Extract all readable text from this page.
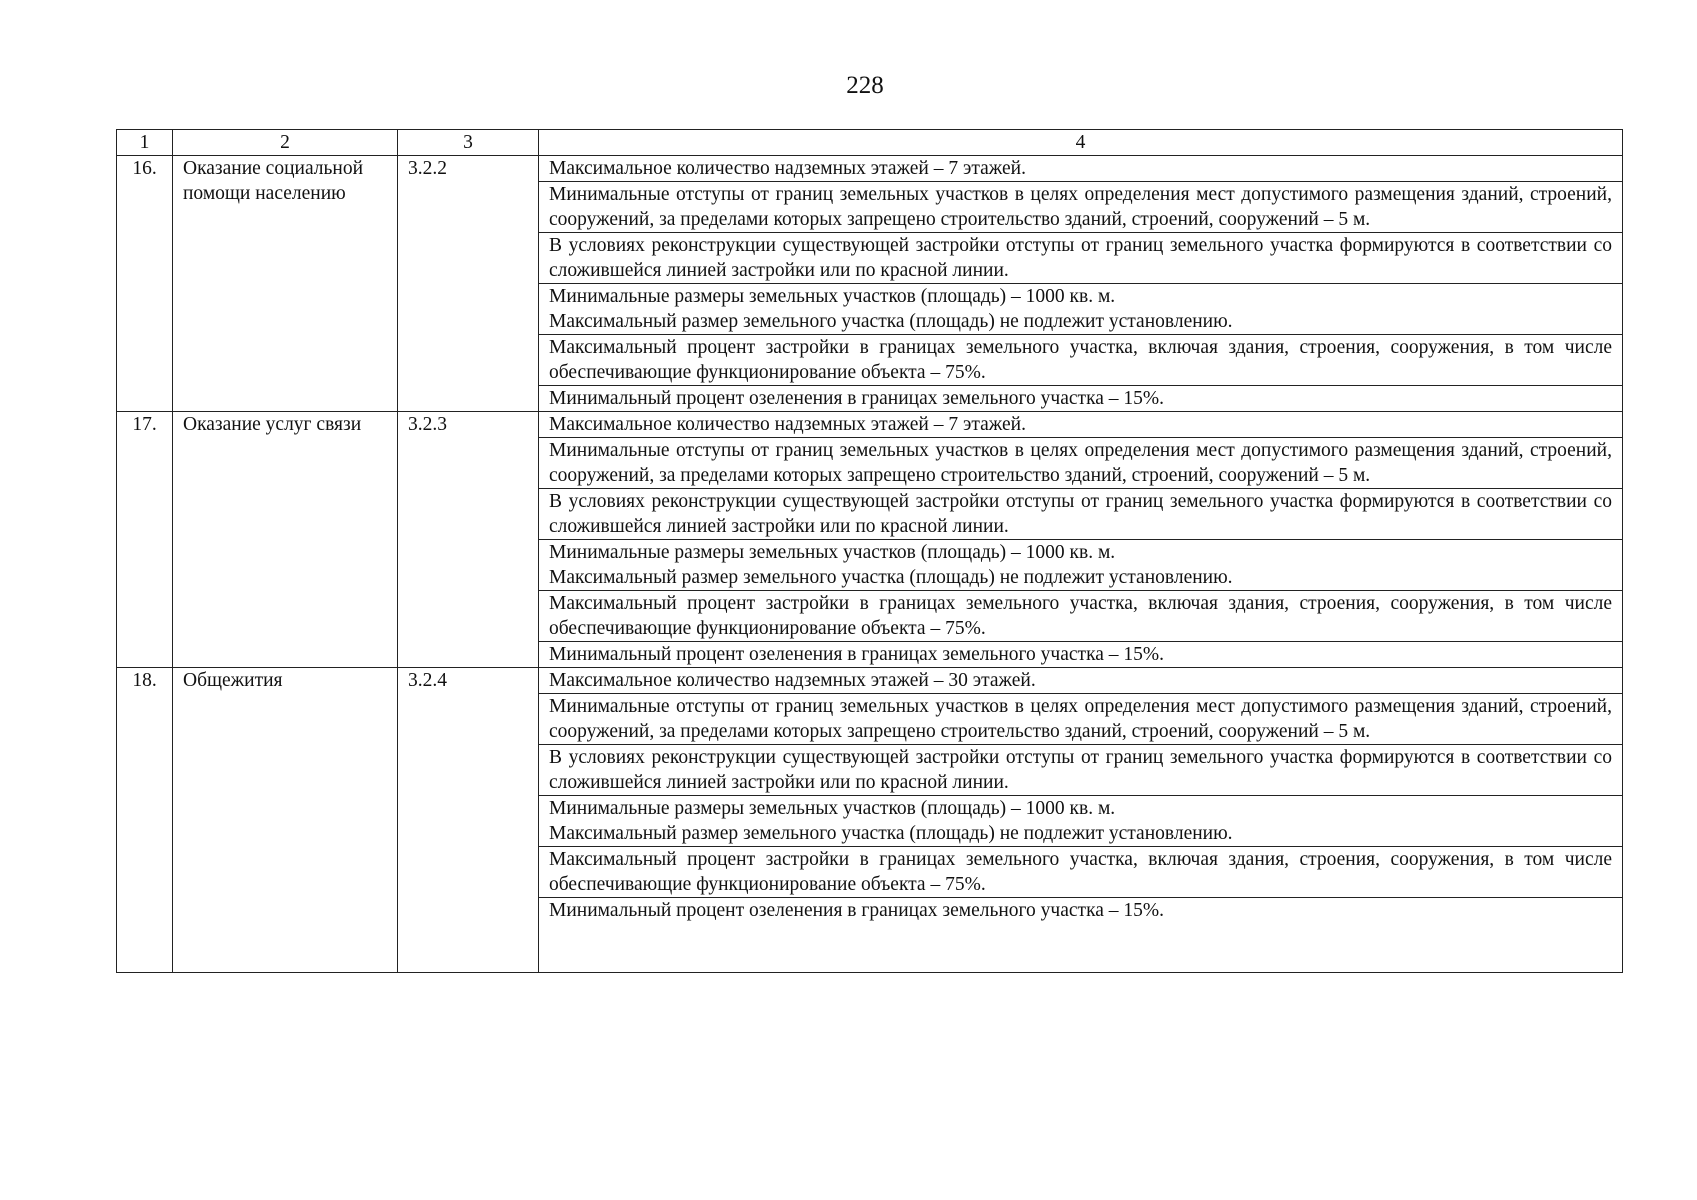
228
1	2	3	4
16.	Оказание социальной помощи населению	3.2.2	Максимальное количество надземных этажей – 7 этажей.
			Минимальные отступы от границ земельных участков в целях определения мест допустимого размещения зданий, строений, сооружений, за пределами которых запрещено строительство зданий, строений, сооружений – 5 м.
			В условиях реконструкции существующей застройки отступы от границ земельного участка формируются в соответствии со сложившейся линией застройки или по красной линии.

			Минимальные размеры земельных участков (площадь) – 1000 кв. м.
Максимальный размер земельного участка (площадь) не подлежит установлению.

			Максимальный процент застройки в границах земельного участка, включая здания, строения, сооружения, в том числе обеспечивающие функционирование объекта – 75%.
			Минимальный процент озеленения в границах земельного участка – 15%.
17.	Оказание услуг связи	3.2.3	Максимальное количество надземных этажей – 7 этажей.
			Минимальные отступы от границ земельных участков в целях определения мест допустимого размещения зданий, строений, сооружений, за пределами которых запрещено строительство зданий, строений, сооружений – 5 м.
			В условиях реконструкции существующей застройки отступы от границ земельного участка формируются в соответствии со сложившейся линией застройки или по красной линии.

			Минимальные размеры земельных участков (площадь) – 1000 кв. м.
Максимальный размер земельного участка (площадь) не подлежит установлению.

			Максимальный процент застройки в границах земельного участка, включая здания, строения, сооружения, в том числе обеспечивающие функционирование объекта – 75%.
			Минимальный процент озеленения в границах земельного участка – 15%.
18.	Общежития	3.2.4	Максимальное количество надземных этажей – 30 этажей.
			Минимальные отступы от границ земельных участков в целях определения мест допустимого размещения зданий, строений, сооружений, за пределами которых запрещено строительство зданий, строений, сооружений – 5 м.
			В условиях реконструкции существующей застройки отступы от границ земельного участка формируются в соответствии со сложившейся линией застройки или по красной линии.

			Минимальные размеры земельных участков (площадь) – 1000 кв. м.
Максимальный размер земельного участка (площадь) не подлежит установлению.

			Максимальный процент застройки в границах земельного участка, включая здания, строения, сооружения, в том числе обеспечивающие функционирование объекта – 75%.
			Минимальный процент озеленения в границах земельного участка – 15%.
